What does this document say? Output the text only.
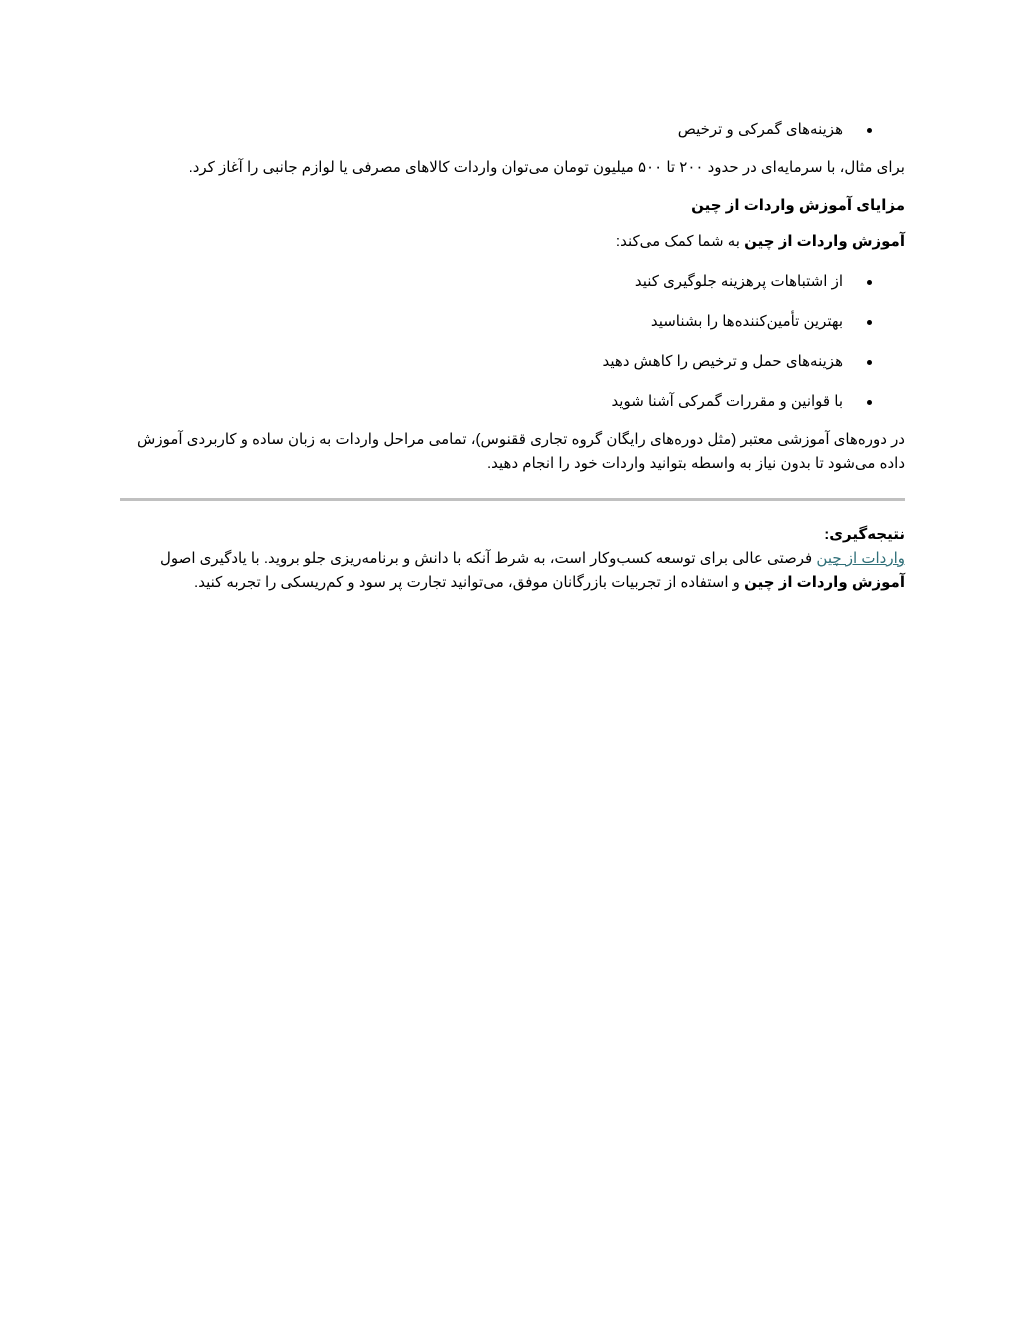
هزینه‌های گمرکی و ترخیص

برای مثال، با سرمایه‌ای در حدود ۲۰۰ تا ۵۰۰ میلیون تومان می‌توان واردات کالاهای مصرفی یا لوازم جانبی را آغاز کرد.

مزایای آموزش واردات از چین

آموزش واردات از چین به شما کمک می‌کند:

از اشتباهات پرهزینه جلوگیری کنید
بهترین تأمین‌کننده‌ها را بشناسید
هزینه‌های حمل و ترخیص را کاهش دهید
با قوانین و مقررات گمرکی آشنا شوید

در دوره‌های آموزشی معتبر (مثل دوره‌های رایگان گروه تجاری ققنوس)، تمامی مراحل واردات به زبان ساده و کاربردی آموزش داده می‌شود تا بدون نیاز به واسطه بتوانید واردات خود را انجام دهید.

نتیجه‌گیری:

واردات از چین فرصتی عالی برای توسعه کسب‌وکار است، به شرط آنکه با دانش و برنامه‌ریزی جلو بروید. با یادگیری اصول آموزش واردات از چین و استفاده از تجربیات بازرگانان موفق، می‌توانید تجارت پر سود و کم‌ریسکی را تجربه کنید.
